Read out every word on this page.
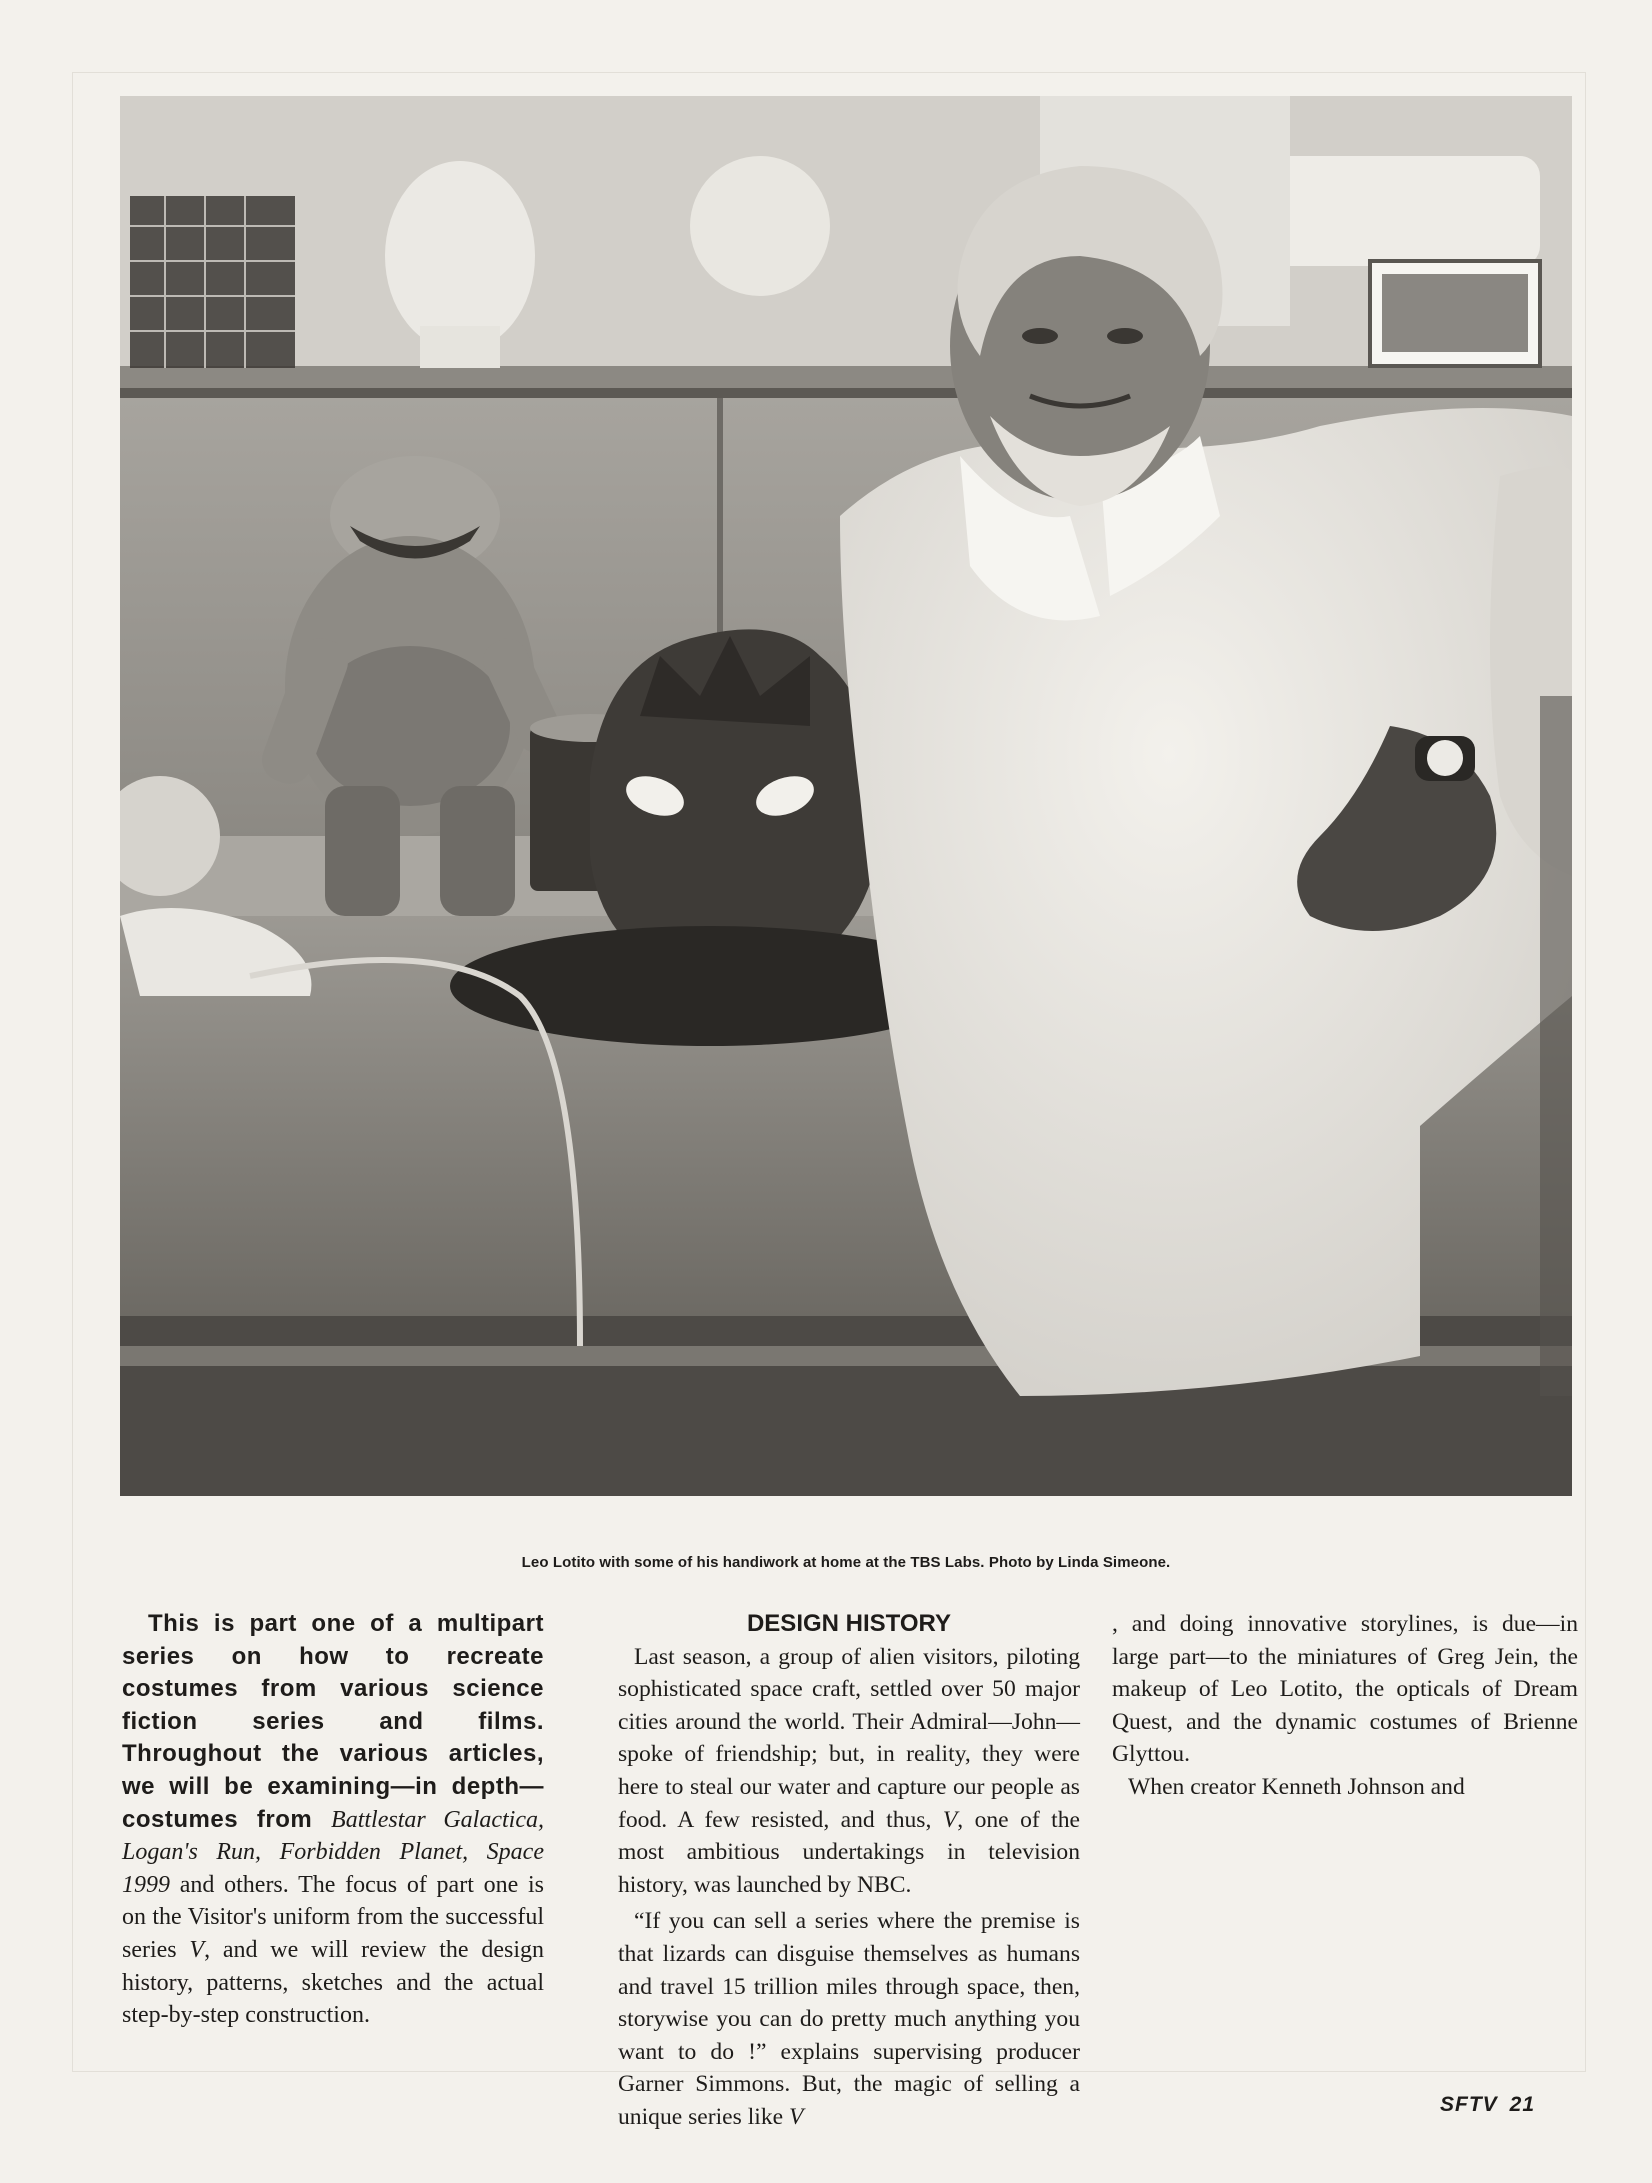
Leo Lotito with some of his handiwork at home at the TBS Labs. Photo by Linda Simeone.

This is part one of a multipart series on how to recreate costumes from various science fiction series and films. Throughout the various articles, we will be examining—in depth—costumes from Battlestar Galactica, Logan's Run, Forbidden Planet, Space 1999 and others. The focus of part one is on the Visitor's uniform from the successful series V, and we will review the design history, patterns, sketches and the actual step-by-step construction.

DESIGN HISTORY

Last season, a group of alien visitors, piloting sophisticated space craft, settled over 50 major cities around the world. Their Admiral—John—spoke of friendship; but, in reality, they were here to steal our water and capture our people as food. A few resisted, and thus, V, one of the most ambitious undertakings in television history, was launched by NBC.

“If you can sell a series where the premise is that lizards can disguise themselves as humans and travel 15 trillion miles through space, then, storywise you can do pretty much anything you want to do !” explains supervising producer Garner Simmons. But, the magic of selling a unique series like V

, and doing innovative storylines, is due—in large part—to the miniatures of Greg Jein, the makeup of Leo Lotito, the opticals of Dream Quest, and the dynamic costumes of Brienne Glyttou.

When creator Kenneth Johnson and

SFTV 21
